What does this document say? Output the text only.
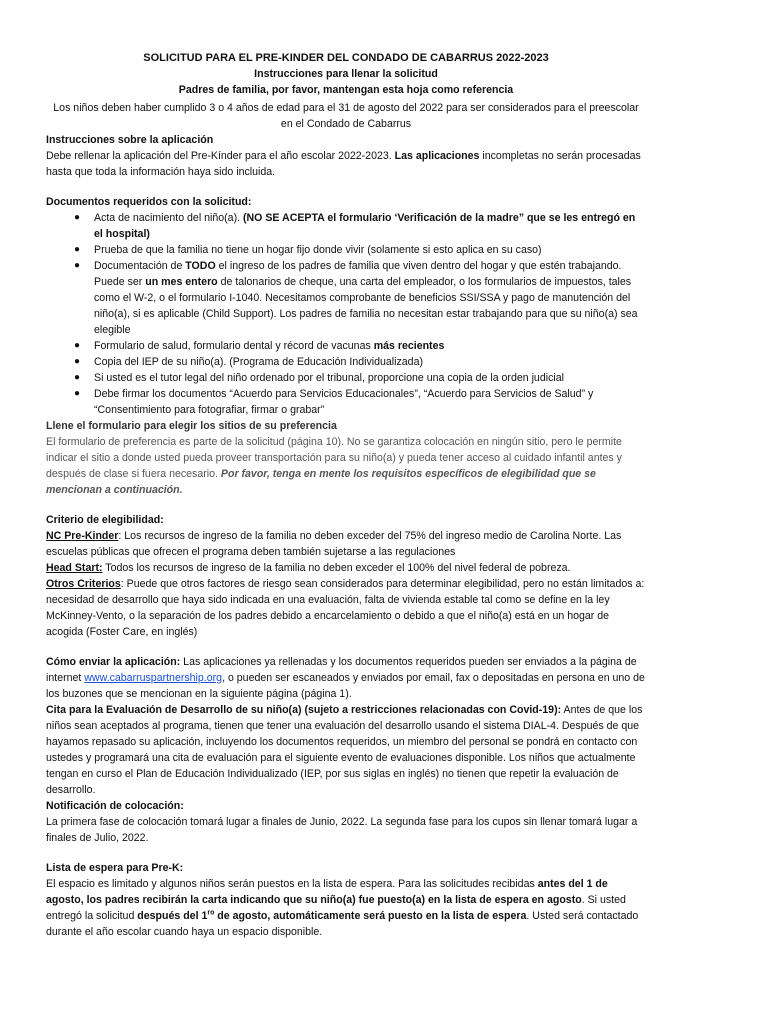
SOLICITUD PARA EL PRE-KINDER DEL CONDADO DE CABARRUS 2022-2023
Instrucciones para llenar la solicitud
Padres de familia, por favor, mantengan esta hoja como referencia
Los niños deben haber cumplido 3 o 4 años de edad para el 31 de agosto del 2022 para ser considerados para el preescolar en el Condado de Cabarrus
Instrucciones sobre la aplicación
Debe rellenar la aplicación del Pre-Kínder para el año escolar 2022-2023. Las aplicaciones incompletas no serán procesadas hasta que toda la información haya sido incluida.
Documentos requeridos con la solicitud:
● Acta de nacimiento del niño(a). (NO SE ACEPTA el formulario ‘Verificación de la madre” que se les entregó en el hospital)
● Prueba de que la familia no tiene un hogar fijo donde vivir (solamente si esto aplica en su caso)
● Documentación de TODO el ingreso de los padres de familia que viven dentro del hogar y que estén trabajando. Puede ser un mes entero de talonarios de cheque, una carta del empleador, o los formularios de impuestos, tales como el W-2, o el formulario I-1040. Necesitamos comprobante de beneficios SSI/SSA y pago de manutención del niño(a), si es aplicable (Child Support). Los padres de familia no necesitan estar trabajando para que su niño(a) sea elegible
● Formulario de salud, formulario dental y récord de vacunas más recientes
● Copia del IEP de su niño(a). (Programa de Educación Individualizada)
● Si usted es el tutor legal del niño ordenado por el tribunal, proporcione una copia de la orden judicial
● Debe firmar los documentos “Acuerdo para Servicios Educacionales”, “Acuerdo para Servicios de Salud” y “Consentimiento para fotografiar, firmar o grabar”
Llene el formulario para elegir los sitios de su preferencia
El formulario de preferencia es parte de la solicitud (página 10). No se garantiza colocación en ningún sitio, pero le permite indicar el sitio a donde usted pueda proveer transportación para su niño(a) y pueda tener acceso al cuidado infantil antes y después de clase si fuera necesario. Por favor, tenga en mente los requisitos específicos de elegibilidad que se mencionan a continuación.
Criterio de elegibilidad:
NC Pre-Kinder: Los recursos de ingreso de la familia no deben exceder del 75% del ingreso medio de Carolina Norte. Las escuelas públicas que ofrecen el programa deben también sujetarse a las regulaciones
Head Start: Todos los recursos de ingreso de la familia no deben exceder el 100% del nivel federal de pobreza.
Otros Criterios: Puede que otros factores de riesgo sean considerados para determinar elegibilidad, pero no están limitados a: necesidad de desarrollo que haya sido indicada en una evaluación, falta de vivienda estable tal como se define en la ley McKinney-Vento, o la separación de los padres debido a encarcelamiento o debido a que el niño(a) está en un hogar de acogida (Foster Care, en inglés)
Cómo enviar la aplicación: Las aplicaciones ya rellenadas y los documentos requeridos pueden ser enviados a la página de internet www.cabarruspartnership.org, o pueden ser escaneados y enviados por email, fax o depositadas en persona en uno de los buzones que se mencionan en la siguiente página (página 1).
Cita para la Evaluación de Desarrollo de su niño(a) (sujeto a restricciones relacionadas con Covid-19): Antes de que los niños sean aceptados al programa, tienen que tener una evaluación del desarrollo usando el sistema DIAL-4. Después de que hayamos repasado su aplicación, incluyendo los documentos requeridos, un miembro del personal se pondrá en contacto con ustedes y programará una cita de evaluación para el siguiente evento de evaluaciones disponible. Los niños que actualmente tengan en curso el Plan de Educación Individualizado (IEP, por sus siglas en inglés) no tienen que repetir la evaluación de desarrollo.
Notificación de colocación:
La primera fase de colocación tomará lugar a finales de Junio, 2022. La segunda fase para los cupos sin llenar tomará lugar a finales de Julio, 2022.
Lista de espera para Pre-K:
El espacio es limitado y algunos niños serán puestos en la lista de espera. Para las solicitudes recibidas antes del 1 de agosto, los padres recibirán la carta indicando que su niño(a) fue puesto(a) en la lista de espera en agosto. Si usted entregó la solicitud después del $1^{ro}$ de agosto, automáticamente será puesto en la lista de espera. Usted será contactado durante el año escolar cuando haya un espacio disponible.
